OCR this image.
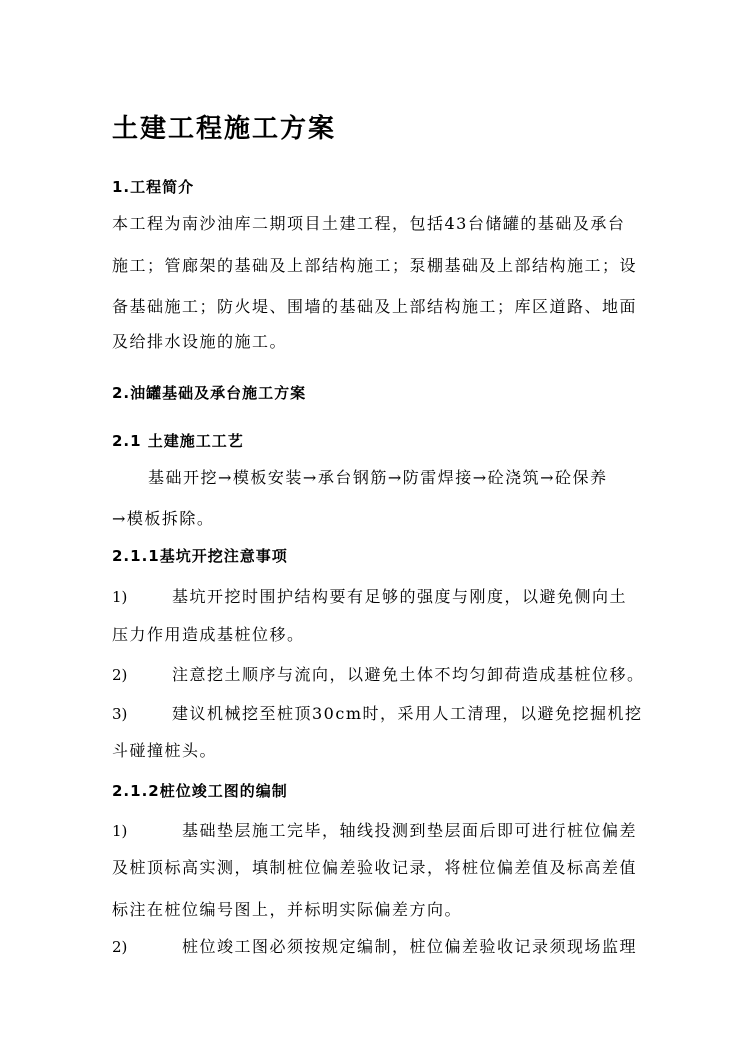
土建工程施工方案
1.工程简介
本工程为南沙油库二期项目土建工程，包括43台储罐的基础及承台
施工；管廊架的基础及上部结构施工；泵棚基础及上部结构施工；设
备基础施工；防火堤、围墙的基础及上部结构施工；库区道路、地面
及给排水设施的施工。
2.油罐基础及承台施工方案
2.1 土建施工工艺
基础开挖→模板安装→承台钢筋→防雷焊接→砼浇筑→砼保养
→模板拆除。
2.1.1基坑开挖注意事项
1)	基坑开挖时围护结构要有足够的强度与刚度，以避免侧向土
压力作用造成基桩位移。
2)	注意挖土顺序与流向，以避免土体不均匀卸荷造成基桩位移。
3)	建议机械挖至桩顶30cm时，采用人工清理，以避免挖掘机挖
斗碰撞桩头。
2.1.2桩位竣工图的编制
1)	基础垫层施工完毕，轴线投测到垫层面后即可进行桩位偏差
及桩顶标高实测，填制桩位偏差验收记录，将桩位偏差值及标高差值
标注在桩位编号图上，并标明实际偏差方向。
2)	桩位竣工图必须按规定编制，桩位偏差验收记录须现场监理
